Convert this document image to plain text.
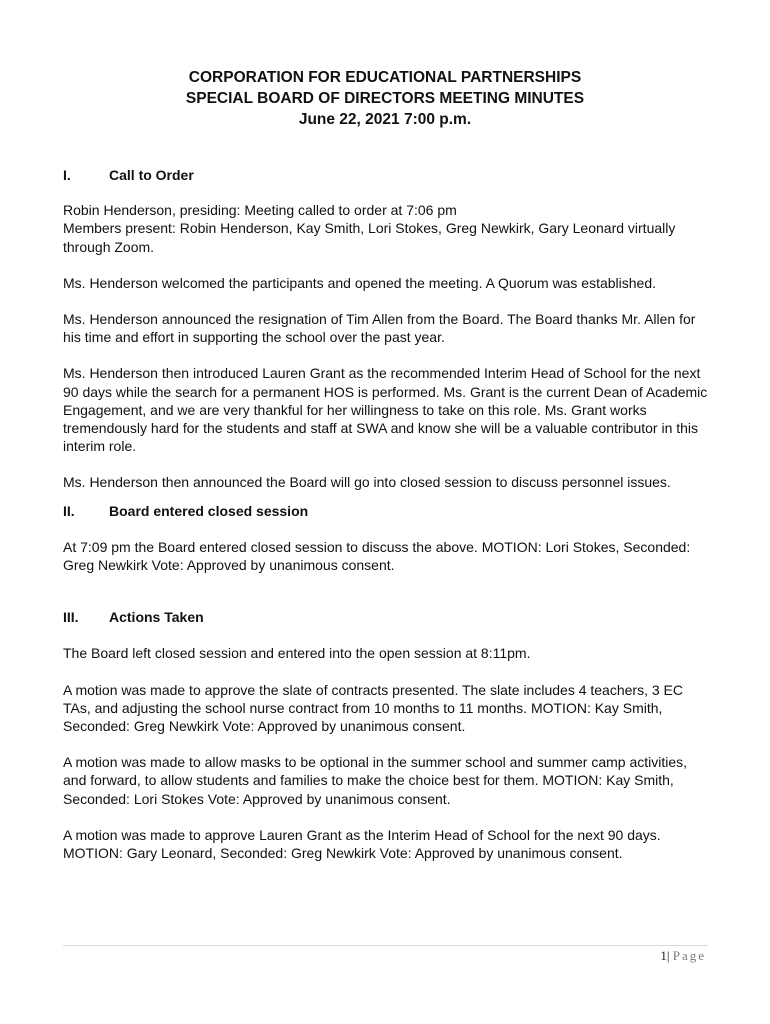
CORPORATION FOR EDUCATIONAL PARTNERSHIPS
SPECIAL BOARD OF DIRECTORS MEETING MINUTES
June 22, 2021 7:00 p.m.
I.	Call to Order

Robin Henderson, presiding: Meeting called to order at 7:06 pm
Members present: Robin Henderson, Kay Smith, Lori Stokes, Greg Newkirk, Gary Leonard virtually through Zoom.

Ms. Henderson welcomed the participants and opened the meeting. A Quorum was established.

Ms. Henderson announced the resignation of Tim Allen from the Board. The Board thanks Mr. Allen for his time and effort in supporting the school over the past year.

Ms. Henderson then introduced Lauren Grant as the recommended Interim Head of School for the next 90 days while the search for a permanent HOS is performed. Ms. Grant is the current Dean of Academic Engagement, and we are very thankful for her willingness to take on this role. Ms. Grant works tremendously hard for the students and staff at SWA and know she will be a valuable contributor in this interim role.

Ms. Henderson then announced the Board will go into closed session to discuss personnel issues.

II.	Board entered closed session

At 7:09 pm the Board entered closed session to discuss the above. MOTION: Lori Stokes, Seconded: Greg Newkirk Vote: Approved by unanimous consent.

III.	Actions Taken

The Board left closed session and entered into the open session at 8:11pm.

A motion was made to approve the slate of contracts presented. The slate includes 4 teachers, 3 EC TAs, and adjusting the school nurse contract from 10 months to 11 months. MOTION: Kay Smith, Seconded: Greg Newkirk Vote: Approved by unanimous consent.

A motion was made to allow masks to be optional in the summer school and summer camp activities, and forward, to allow students and families to make the choice best for them. MOTION: Kay Smith, Seconded: Lori Stokes Vote: Approved by unanimous consent.

A motion was made to approve Lauren Grant as the Interim Head of School for the next 90 days. MOTION: Gary Leonard, Seconded: Greg Newkirk Vote: Approved by unanimous consent.

1| Page
